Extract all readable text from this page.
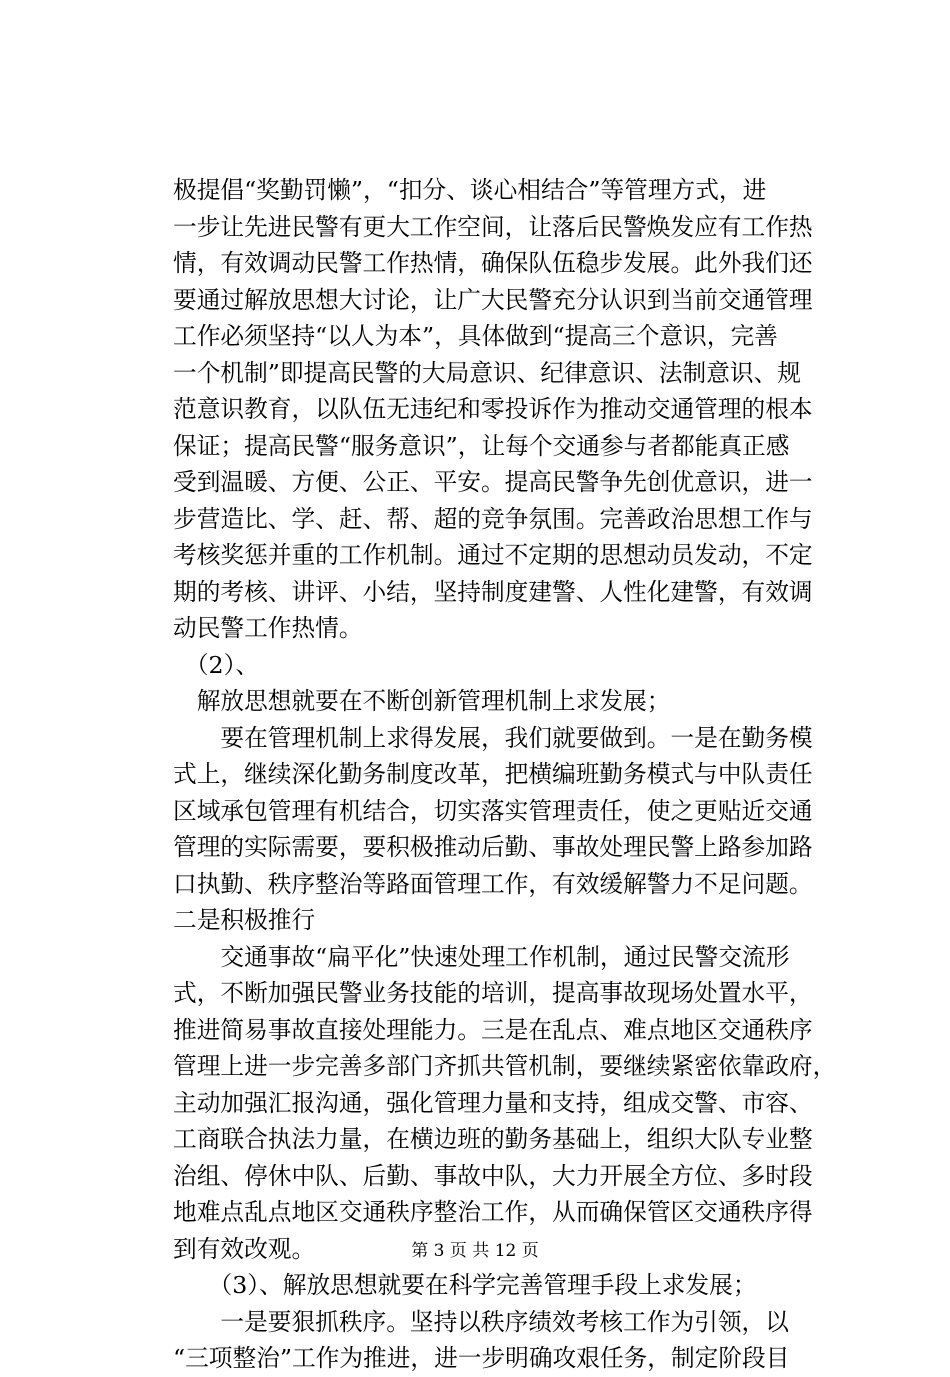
极提倡“奖勤罚懒”，“扣分、谈心相结合”等管理方式，进
一步让先进民警有更大工作空间，让落后民警焕发应有工作热
情，有效调动民警工作热情，确保队伍稳步发展。此外我们还
要通过解放思想大讨论，让广大民警充分认识到当前交通管理
工作必须坚持“以人为本”，具体做到“提高三个意识，完善
一个机制”即提高民警的大局意识、纪律意识、法制意识、规
范意识教育，以队伍无违纪和零投诉作为推动交通管理的根本
保证；提高民警“服务意识”，让每个交通参与者都能真正感
受到温暖、方便、公正、平安。提高民警争先创优意识，进一
步营造比、学、赶、帮、超的竞争氛围。完善政治思想工作与
考核奖惩并重的工作机制。通过不定期的思想动员发动，不定
期的考核、讲评、小结，坚持制度建警、人性化建警，有效调
动民警工作热情。
　（2）、
　解放思想就要在不断创新管理机制上求发展；
　　要在管理机制上求得发展，我们就要做到。一是在勤务模
式上，继续深化勤务制度改革，把横编班勤务模式与中队责任
区域承包管理有机结合，切实落实管理责任，使之更贴近交通
管理的实际需要，要积极推动后勤、事故处理民警上路参加路
口执勤、秩序整治等路面管理工作，有效缓解警力不足问题。
二是积极推行
　　交通事故“扁平化”快速处理工作机制，通过民警交流形
式，不断加强民警业务技能的培训，提高事故现场处置水平，
推进简易事故直接处理能力。三是在乱点、难点地区交通秩序
管理上进一步完善多部门齐抓共管机制，要继续紧密依靠政府，
主动加强汇报沟通，强化管理力量和支持，组成交警、市容、
工商联合执法力量，在横边班的勤务基础上，组织大队专业整
治组、停休中队、后勤、事故中队，大力开展全方位、多时段
地难点乱点地区交通秩序整治工作，从而确保管区交通秩序得
到有效改观。
　　（3）、解放思想就要在科学完善管理手段上求发展；
　　一是要狠抓秩序。坚持以秩序绩效考核工作为引领，以
“三项整治”工作为推进，进一步明确攻艰任务，制定阶段目
第 3 页 共 12 页
